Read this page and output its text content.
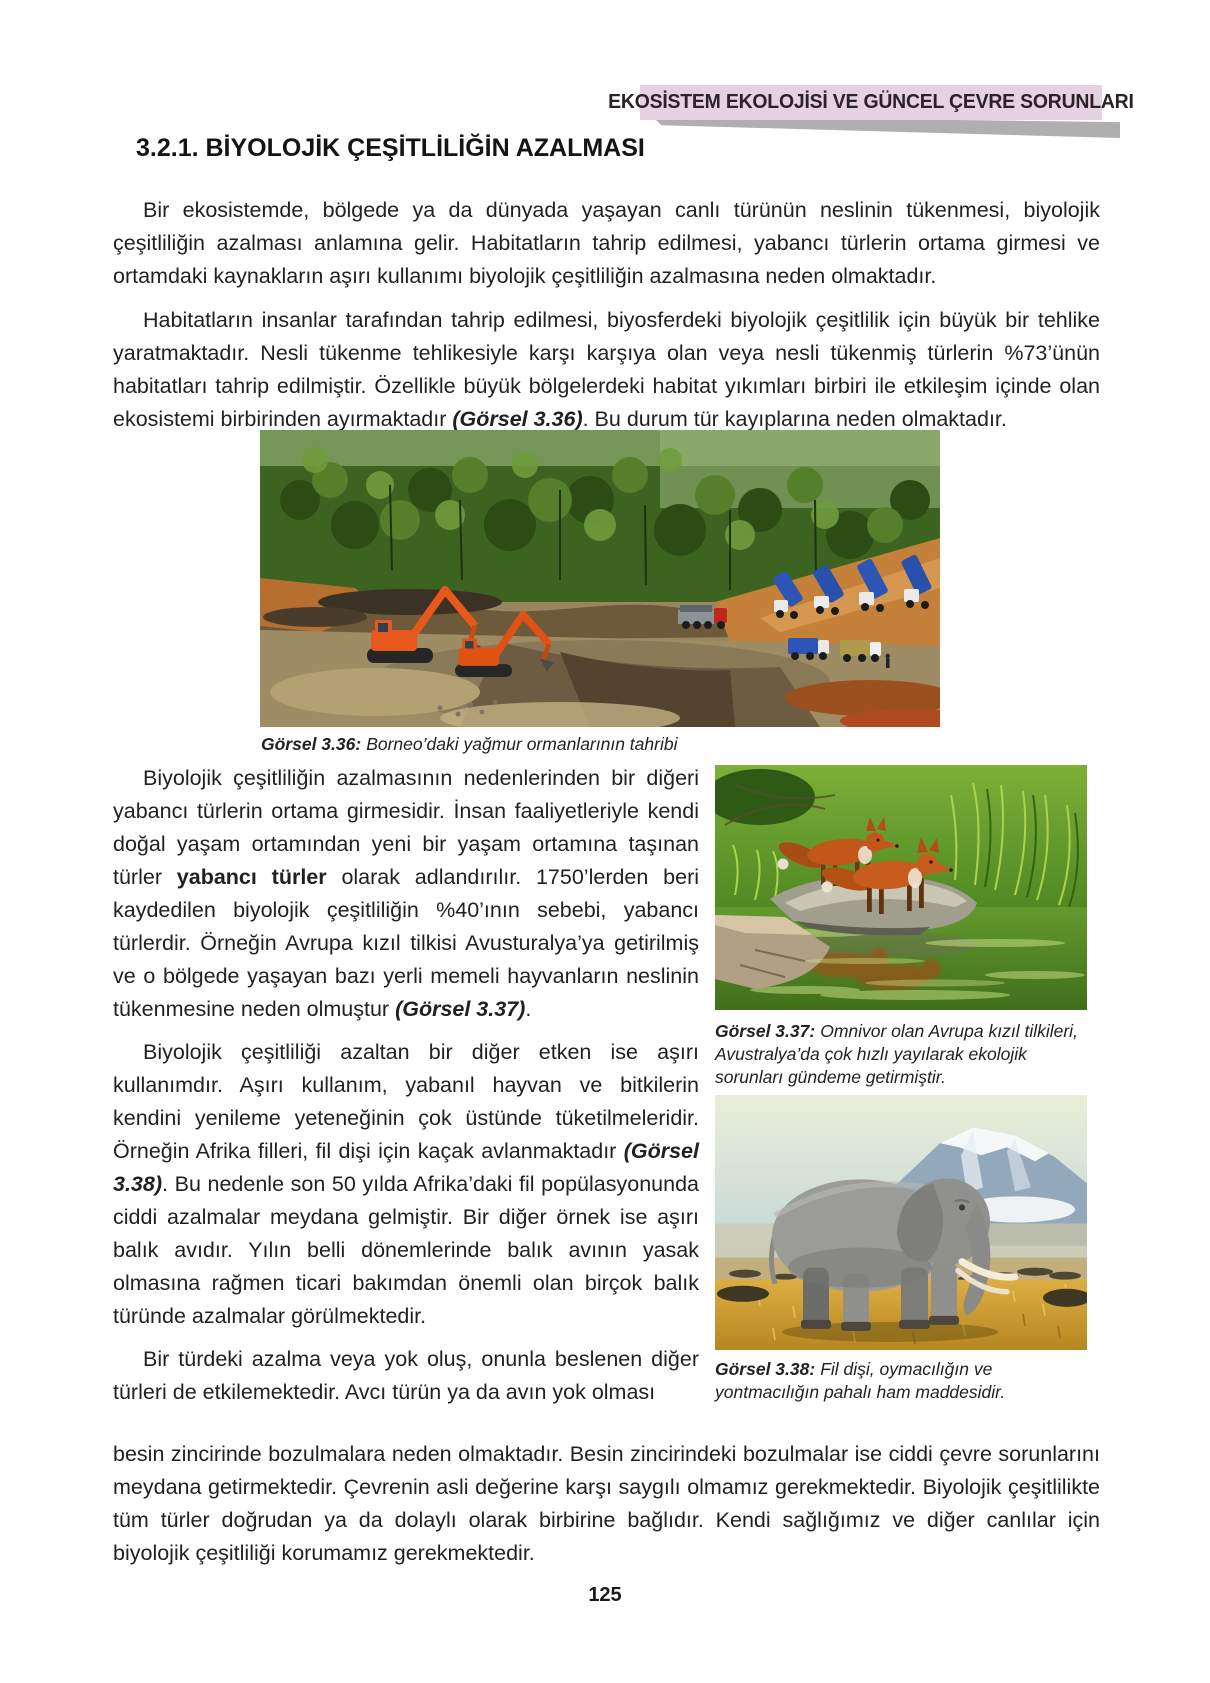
EKOSİSTEM EKOLOJİSİ VE GÜNCEL ÇEVRE SORUNLARI
3.2.1. BİYOLOJİK ÇEŞİTLİLİĞİN AZALMASI

Bir ekosistemde, bölgede ya da dünyada yaşayan canlı türünün neslinin tükenmesi, biyolojik çeşitliliğin azalması anlamına gelir. Habitatların tahrip edilmesi, yabancı türlerin ortama girmesi ve ortamdaki kaynakların aşırı kullanımı biyolojik çeşitliliğin azalmasına neden olmaktadır.

Habitatların insanlar tarafından tahrip edilmesi, biyosferdeki biyolojik çeşitlilik için büyük bir tehlike yaratmaktadır. Nesli tükenme tehlikesiyle karşı karşıya olan veya nesli tükenmiş türlerin %73’ünün habitatları tahrip edilmiştir. Özellikle büyük bölgelerdeki habitat yıkımları birbiri ile etkileşim içinde olan ekosistemi birbirinden ayırmaktadır (Görsel 3.36). Bu durum tür kayıplarına neden olmaktadır.

Görsel 3.36: Borneo’daki yağmur ormanlarının tahribi

Biyolojik çeşitliliğin azalmasının nedenlerinden bir diğeri yabancı türlerin ortama girmesidir. İnsan faaliyetleriyle kendi doğal yaşam ortamından yeni bir yaşam ortamına taşınan türler yabancı türler olarak adlandırılır. 1750’lerden beri kaydedilen biyolojik çeşitliliğin %40’ının sebebi, yabancı türlerdir. Örneğin Avrupa kızıl tilkisi Avusturalya’ya getirilmiş ve o bölgede yaşayan bazı yerli memeli hayvanların neslinin tükenmesine neden olmuştur (Görsel 3.37).

Biyolojik çeşitliliği azaltan bir diğer etken ise aşırı kullanımdır. Aşırı kullanım, yabanıl hayvan ve bitkilerin kendini yenileme yeteneğinin çok üstünde tüketilmeleridir. Örneğin Afrika filleri, fil dişi için kaçak avlanmaktadır (Görsel 3.38). Bu nedenle son 50 yılda Afrika’daki fil popülasyonunda ciddi azalmalar meydana gelmiştir. Bir diğer örnek ise aşırı balık avıdır. Yılın belli dönemlerinde balık avının yasak olmasına rağmen ticari bakımdan önemli olan birçok balık türünde azalmalar görülmektedir.

Bir türdeki azalma veya yok oluş, onunla beslenen diğer türleri de etkilemektedir. Avcı türün ya da avın yok olması

Görsel 3.37: Omnivor olan Avrupa kızıl tilkileri, Avustralya’da çok hızlı yayılarak ekolojik sorunları gündeme getirmiştir.
Görsel 3.38: Fil dişi, oymacılığın ve yontmacılığın pahalı ham maddesidir.

besin zincirinde bozulmalara neden olmaktadır. Besin zincirindeki bozulmalar ise ciddi çevre sorunlarını meydana getirmektedir. Çevrenin asli değerine karşı saygılı olmamız gerekmektedir. Biyolojik çeşitlilikte tüm türler doğrudan ya da dolaylı olarak birbirine bağlıdır. Kendi sağlığımız ve diğer canlılar için biyolojik çeşitliliği korumamız gerekmektedir.

125
